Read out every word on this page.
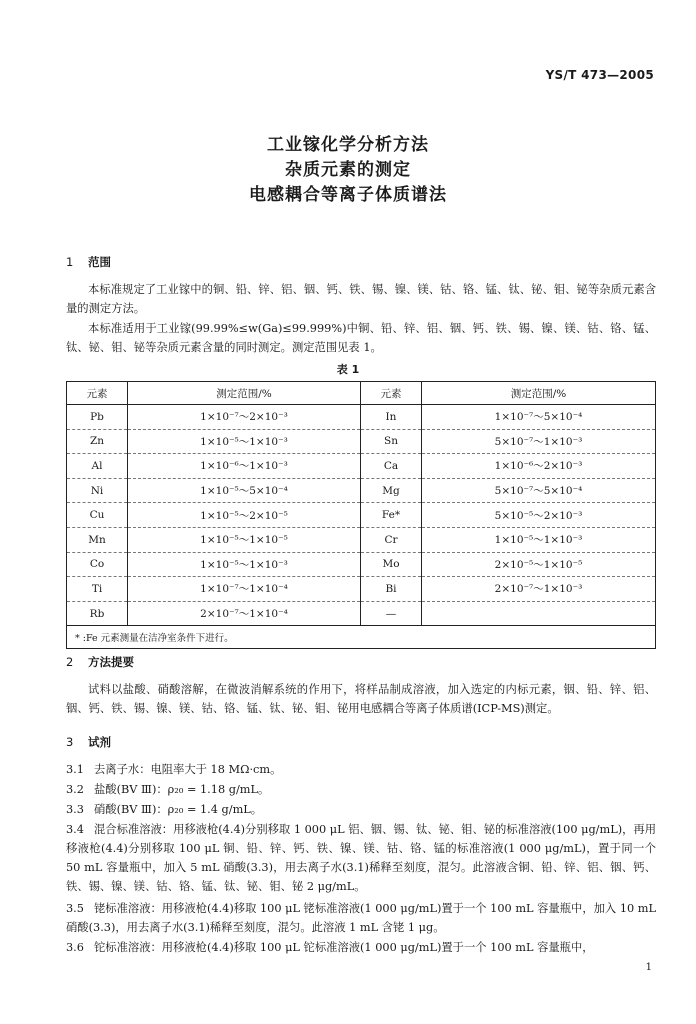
YS/T 473—2005
工业镓化学分析方法
杂质元素的测定
电感耦合等离子体质谱法
1 范围
本标准规定了工业镓中的铜、铅、锌、铝、铟、钙、铁、锡、镍、镁、钴、铬、锰、钛、铋、钼、铋等杂质元素含量的测定方法。
本标准适用于工业镓(99.99%≤w(Ga)≤99.999%)中铜、铅、锌、铝、铟、钙、铁、锡、镍、镁、钴、铬、锰、钛、铋、钼、铋等杂质元素含量的同时测定。测定范围见表 1。
表 1
元素	测定范围/%	元素	测定范围/%
Pb	1×10⁻⁷～2×10⁻³	In	1×10⁻⁷～5×10⁻⁴
Zn	1×10⁻⁵～1×10⁻³	Sn	5×10⁻⁷～1×10⁻³
Al	1×10⁻⁶～1×10⁻³	Ca	1×10⁻⁶～2×10⁻³
Ni	1×10⁻⁵～5×10⁻⁴	Mg	5×10⁻⁷～5×10⁻⁴
Cu	1×10⁻⁵～2×10⁻⁵	Fe*	5×10⁻⁵～2×10⁻³
Mn	1×10⁻⁵～1×10⁻⁵	Cr	1×10⁻⁵～1×10⁻³
Co	1×10⁻⁵～1×10⁻³	Mo	2×10⁻⁵～1×10⁻⁵
Ti	1×10⁻⁷～1×10⁻⁴	Bi	2×10⁻⁷～1×10⁻³
Rb	2×10⁻⁷～1×10⁻⁴	—	
* :Fe 元素测量在洁净室条件下进行。			
2 方法提要
试料以盐酸、硝酸溶解，在微波消解系统的作用下，将样品制成溶液，加入选定的内标元素，铟、铅、锌、铝、铟、钙、铁、锡、镍、镁、钴、铬、锰、钛、铋、钼、铋用电感耦合等离子体质谱(ICP-MS)测定。
3 试剂
3.1 去离子水：电阻率大于 18 MΩ·cm。
3.2 盐酸(BV Ⅲ)：ρ₂₀ = 1.18 g/mL。
3.3 硝酸(BV Ⅲ)：ρ₂₀ = 1.4 g/mL。
3.4 混合标准溶液：用移液枪(4.4)分别移取 1 000 μL 铝、铟、锡、钛、铋、钼、铋的标准溶液(100 μg/mL)，再用移液枪(4.4)分别移取 100 μL 铜、铅、锌、钙、铁、镍、镁、钴、铬、锰的标准溶液(1 000 μg/mL)，置于同一个 50 mL 容量瓶中，加入 5 mL 硝酸(3.3)，用去离子水(3.1)稀释至刻度，混匀。此溶液含铜、铅、锌、铝、铟、钙、铁、锡、镍、镁、钴、铬、锰、钛、铋、钼、铋 2 μg/mL。
3.5 铑标准溶液：用移液枪(4.4)移取 100 μL 铑标准溶液(1 000 μg/mL)置于一个 100 mL 容量瓶中，加入 10 mL 硝酸(3.3)，用去离子水(3.1)稀释至刻度，混匀。此溶液 1 mL 含铑 1 μg。
3.6 铊标准溶液：用移液枪(4.4)移取 100 μL 铊标准溶液(1 000 μg/mL)置于一个 100 mL 容量瓶中，
1
